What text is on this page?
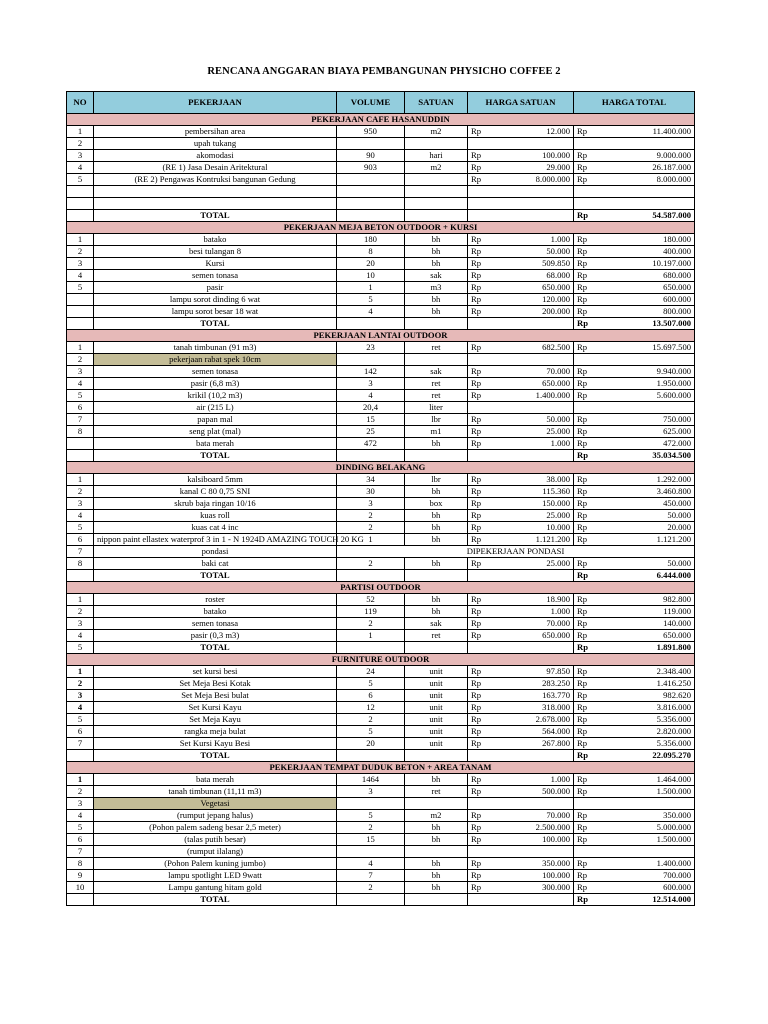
RENCANA ANGGARAN BIAYA PEMBANGUNAN PHYSICHO COFFEE 2
NO	PEKERJAAN	VOLUME	SATUAN	HARGA SATUAN		HARGA TOTAL	
PEKERJAAN CAFE HASANUDDIN							
1	pembersihan area	950	m2	Rp	12.000	Rp	11.400.000
2	upah tukang						
3	akomodasi	90	hari	Rp	100.000	Rp	9.000.000
4	(RE 1) Jasa Desain Aritektural	903	m2	Rp	29.000	Rp	26.187.000
5	(RE 2) Pengawas Kontruksi bangunan Gedung			Rp	8.000.000	Rp	8.000.000

	TOTAL					Rp	54.587.000
PEKERJAAN MEJA BETON OUTDOOR + KURSI							
1	batako	180	bh	Rp	1.000	Rp	180.000
2	besi tulangan 8	8	bh	Rp	50.000	Rp	400.000
3	Kursi	20	bh	Rp	509.850	Rp	10.197.000
4	semen tonasa	10	sak	Rp	68.000	Rp	680.000
5	pasir	1	m3	Rp	650.000	Rp	650.000
	lampu sorot dinding 6 wat	5	bh	Rp	120.000	Rp	600.000
	lampu sorot besar 18 wat	4	bh	Rp	200.000	Rp	800.000
	TOTAL					Rp	13.507.000
PEKERJAAN LANTAI OUTDOOR							
1	tanah timbunan (91 m3)	23	ret	Rp	682.500	Rp	15.697.500
2	pekerjaan rabat spek 10cm						
3	semen tonasa	142	sak	Rp	70.000	Rp	9.940.000
4	pasir (6,8 m3)	3	ret	Rp	650.000	Rp	1.950.000
5	krikil (10,2 m3)	4	ret	Rp	1.400.000	Rp	5.600.000
6	air (215 L)	20,4	liter				
7	papan mal	15	lbr	Rp	50.000	Rp	750.000
8	seng plat (mal)	25	m1	Rp	25.000	Rp	625.000
	bata merah	472	bh	Rp	1.000	Rp	472.000
	TOTAL					Rp	35.034.500
DINDING BELAKANG							
1	kalsiboard 5mm	34	lbr	Rp	38.000	Rp	1.292.000
2	kanal C 80 0,75 SNI	30	bh	Rp	115.360	Rp	3.460.800
3	skrub baja ringan 10/16	3	box	Rp	150.000	Rp	450.000
4	kuas roll	2	bh	Rp	25.000	Rp	50.000
5	kuas cat 4 inc	2	bh	Rp	10.000	Rp	20.000
6	nippon paint ellastex waterprof 3 in 1 - N 1924D AMAZING TOUCH 20 KG	1	bh	Rp	1.121.200	Rp	1.121.200
7	pondasi	DIPEKERJAAN PONDASI					
8	baki cat	2	bh	Rp	25.000	Rp	50.000
	TOTAL					Rp	6.444.000
PARTISI OUTDOOR							
1	roster	52	bh	Rp	18.900	Rp	982.800
2	batako	119	bh	Rp	1.000	Rp	119.000
3	semen tonasa	2	sak	Rp	70.000	Rp	140.000
4	pasir (0,3 m3)	1	ret	Rp	650.000	Rp	650.000
5	TOTAL					Rp	1.891.800
FURNITURE OUTDOOR							
1	set kursi besi	24	unit	Rp	97.850	Rp	2.348.400
2	Set Meja Besi Kotak	5	unit	Rp	283.250	Rp	1.416.250
3	Set Meja Besi bulat	6	unit	Rp	163.770	Rp	982.620
4	Set Kursi Kayu	12	unit	Rp	318.000	Rp	3.816.000
5	Set Meja Kayu	2	unit	Rp	2.678.000	Rp	5.356.000
6	rangka meja bulat	5	unit	Rp	564.000	Rp	2.820.000
7	Set Kursi Kayu Besi	20	unit	Rp	267.800	Rp	5.356.000
	TOTAL					Rp	22.095.270
PEKERJAAN TEMPAT DUDUK BETON + AREA TANAM							
1	bata merah	1464	bh	Rp	1.000	Rp	1.464.000
2	tanah timbunan (11,11 m3)	3	ret	Rp	500.000	Rp	1.500.000
3	Vegetasi						
4	(rumput jepang halus)	5	m2	Rp	70.000	Rp	350.000
5	(Pohon palem sadeng besar 2,5 meter)	2	bh	Rp	2.500.000	Rp	5.000.000
6	(talas putih besar)	15	bh	Rp	100.000	Rp	1.500.000
7	(rumput ilalang)						
8	(Pohon Palem kuning jumbo)	4	bh	Rp	350.000	Rp	1.400.000
9	lampu spotlight LED 9watt	7	bh	Rp	100.000	Rp	700.000
10	Lampu gantung hitam gold	2	bh	Rp	300.000	Rp	600.000
	TOTAL					Rp	12.514.000
